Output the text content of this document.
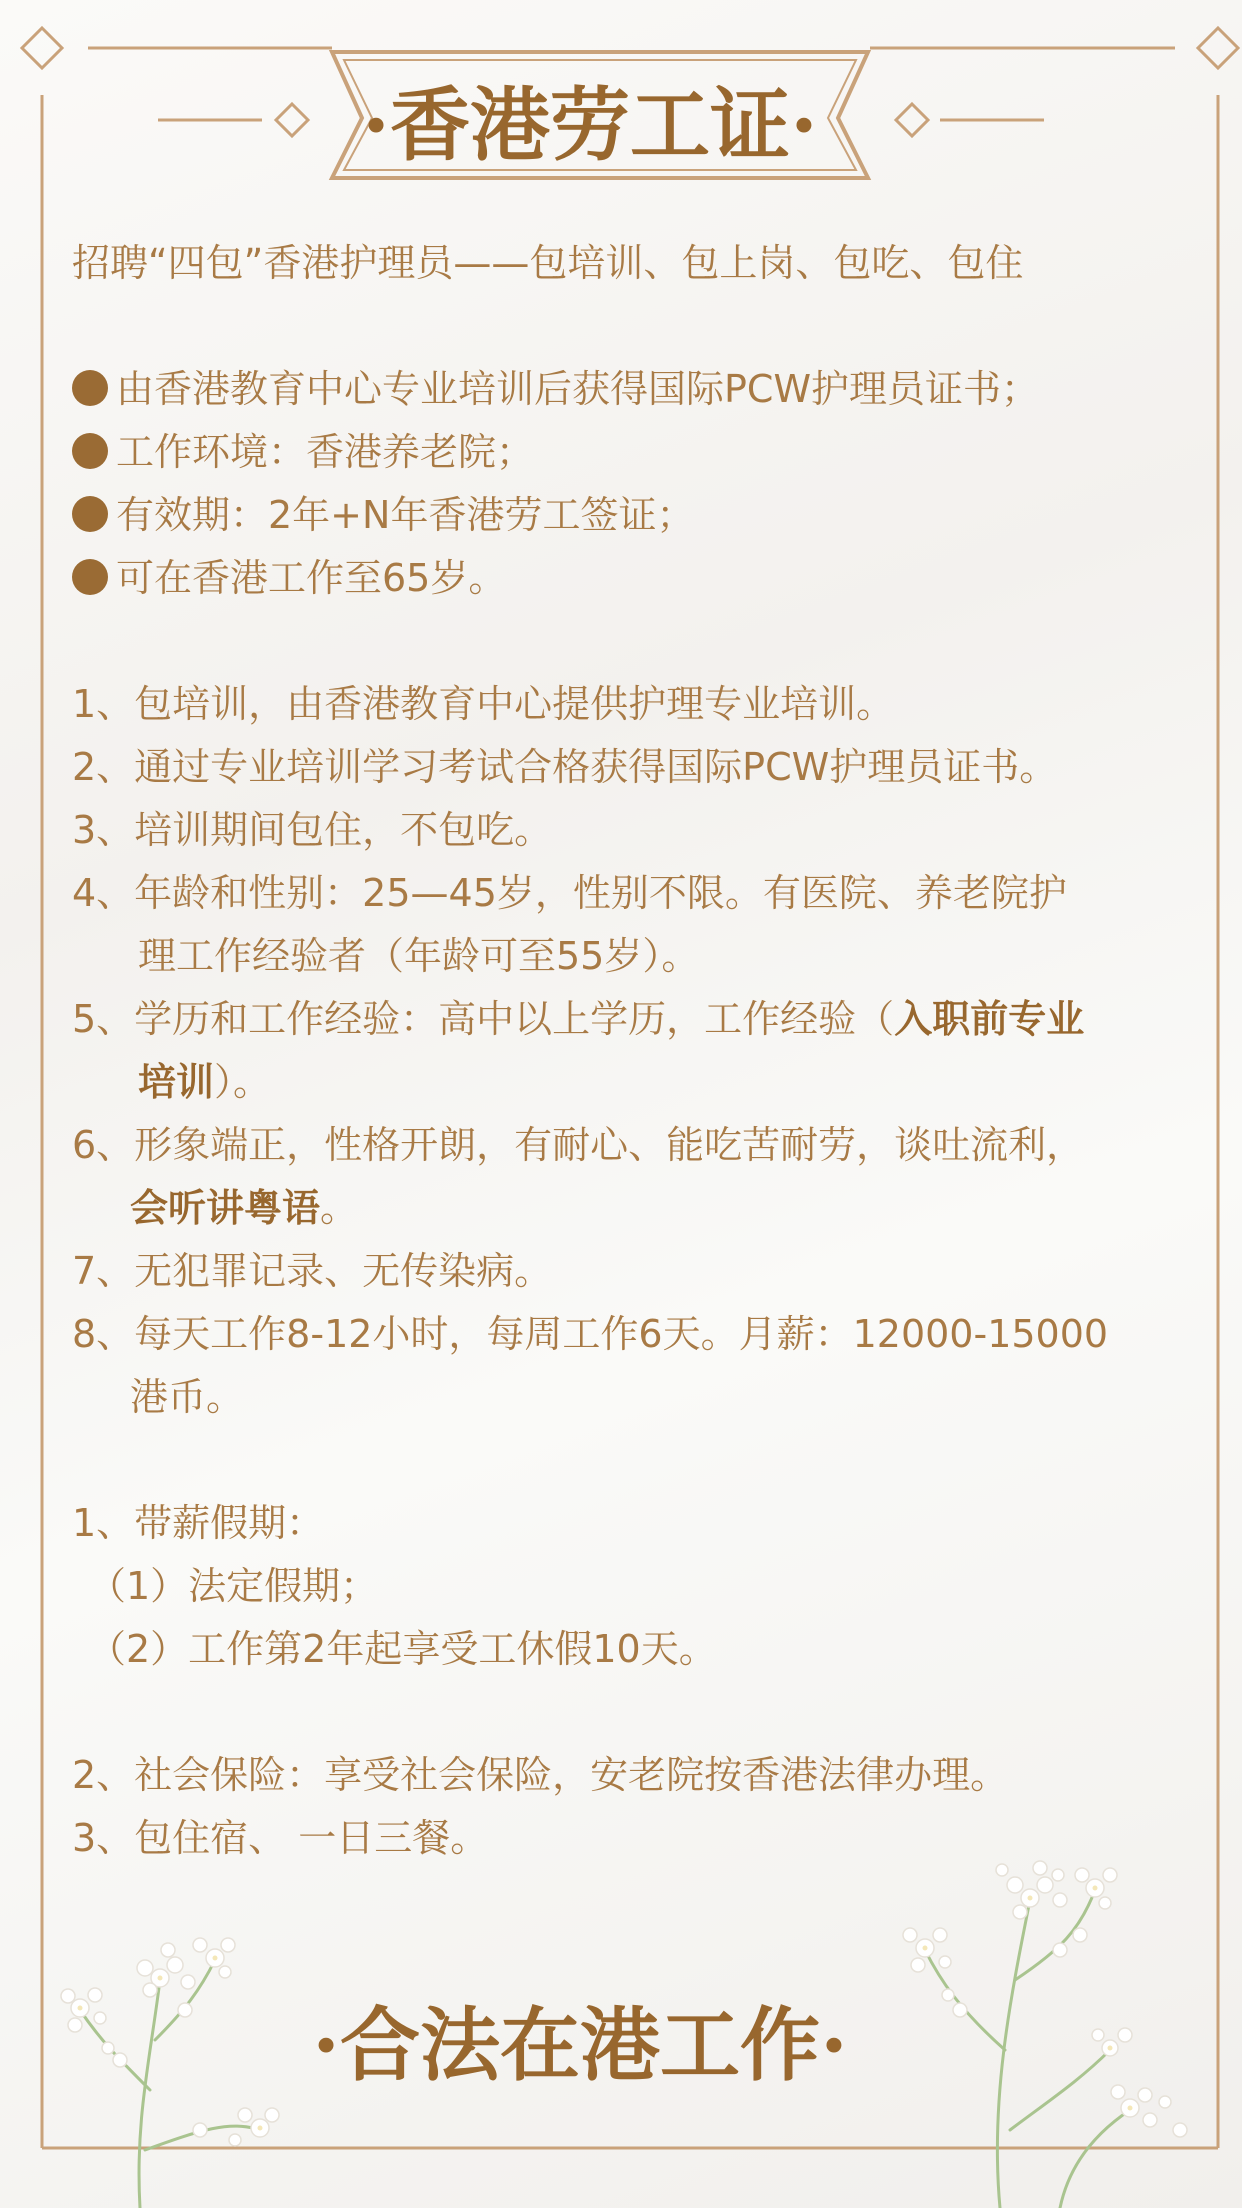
·香港劳工证·
招聘“四包”香港护理员——包培训、包上岗、包吃、包住
由香港教育中心专业培训后获得国际PCW护理员证书；
工作环境：香港养老院；
有效期：2年+N年香港劳工签证；
可在香港工作至65岁。
1、包培训，由香港教育中心提供护理专业培训。
2、通过专业培训学习考试合格获得国际PCW护理员证书。
3、培训期间包住，不包吃。
4、年龄和性别：25—45岁，性别不限。有医院、养老院护
理工作经验者（年龄可至55岁）。
5、学历和工作经验：高中以上学历，工作经验（入职前专业
培训）。
6、形象端正，性格开朗，有耐心、能吃苦耐劳，谈吐流利，
会听讲粤语。
7、无犯罪记录、无传染病。
8、每天工作8-12小时，每周工作6天。月薪：12000-15000
港币。
1、带薪假期：
（1）法定假期；
（2）工作第2年起享受工休假10天。
2、社会保险：享受社会保险，安老院按香港法律办理。
3、包住宿、 一日三餐。
·合法在港工作·
